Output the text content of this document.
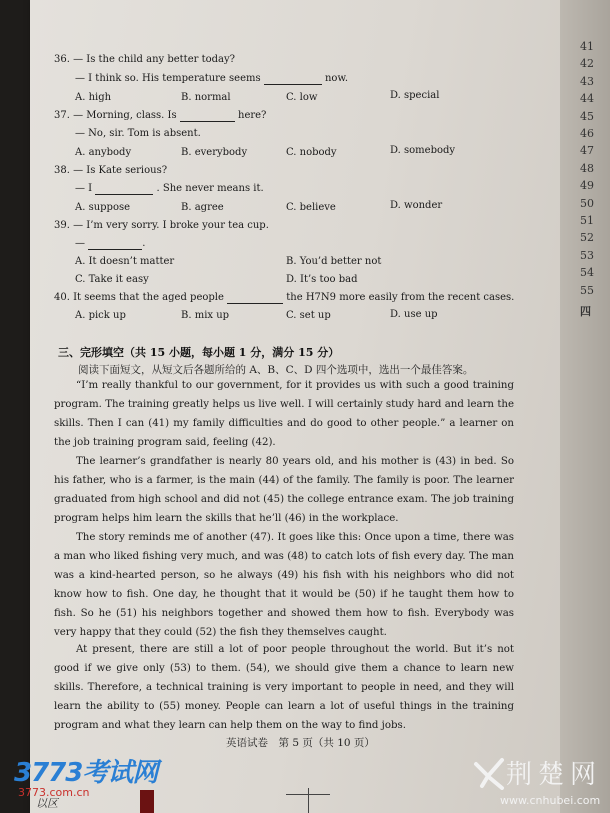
41
42
43
44
45
46
47
48
49
50
51
52
53
54
55
四
36. — Is the child any better today?
— I think so. His temperature seems	now.
A. high	B. normal	C. low	D. special
37. — Morning, class. Is	here?
— No, sir. Tom is absent.
A. anybody	B. everybody	C. nobody	D. somebody
38. — Is Kate serious?
— I	. She never means it.
A. suppose	B. agree	C. believe	D. wonder
39. — I’m very sorry. I broke your tea cup.
—	.
A. It doesn’t matter	B. You’d better not
C. Take it easy	D. It’s too bad
40. It seems that the aged people	the H7N9 more easily from the recent cases.
A. pick up	B. mix up	C. set up	D. use up
三、完形填空（共 15 小题，每小题 1 分，满分 15 分）
阅读下面短文，从短文后各题所给的 A、B、C、D 四个选项中，选出一个最佳答案。

“I’m really thankful to our government, for it provides us with such a good training program. The training greatly helps us live well. I will certainly study hard and learn the skills. Then I can (41) my family difficulties and do good to other people.” a learner on the job training program said, feeling (42).

The learner’s grandfather is nearly 80 years old, and his mother is (43) in bed. So his father, who is a farmer, is the main (44) of the family. The family is poor. The learner graduated from high school and did not (45) the college entrance exam. The job training program helps him learn the skills that he’ll (46) in the workplace.

The story reminds me of another (47). It goes like this: Once upon a time, there was a man who liked fishing very much, and was (48) to catch lots of fish every day. The man was a kind-hearted person, so he always (49) his fish with his neighbors who did not know how to fish. One day, he thought that it would be (50) if he taught them how to fish. So he (51) his neighbors together and showed them how to fish. Everybody was very happy that they could (52) the fish they themselves caught.

At present, there are still a lot of poor people throughout the world. But it’s not good if we give only (53) to them. (54), we should give them a chance to learn new skills. Therefore, a technical training is very important to people in need, and they will learn the ability to (55) money. People can learn a lot of useful things in the training program and what they learn can help them on the way to find jobs.

英语试卷　第 5 页（共 10 页）
3773考试网
3773.com.cn
荆楚网
www.cnhubei.com
以区
